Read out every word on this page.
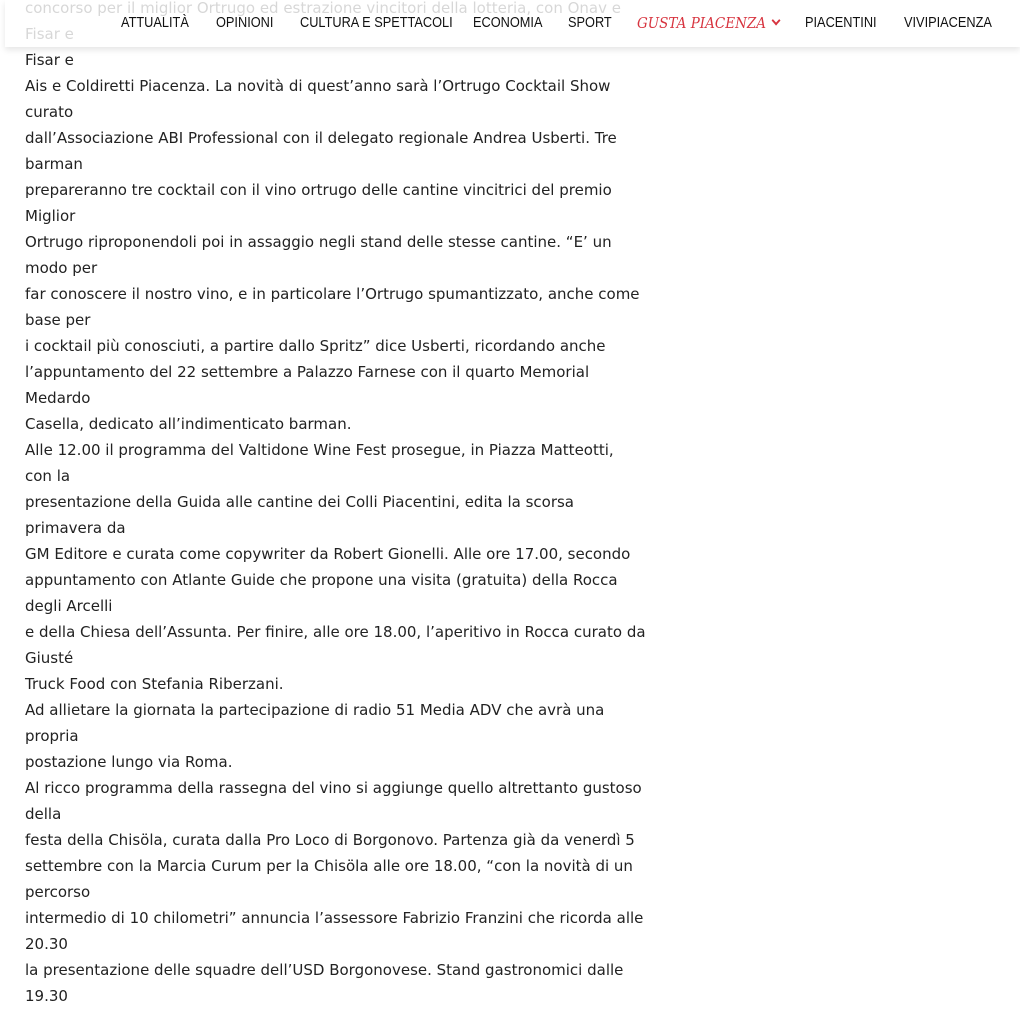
Fisar e

Ais e Coldiretti Piacenza. La novità di quest’anno sarà l’Ortrugo Cocktail Show

curato

dall’Associazione ABI Professional con il delegato regionale Andrea Usberti. Tre

barman

prepareranno tre cocktail con il vino ortrugo delle cantine vincitrici del premio

Miglior

Ortrugo riproponendoli poi in assaggio negli stand delle stesse cantine. “E’ un

modo per

far conoscere il nostro vino, e in particolare l’Ortrugo spumantizzato, anche come

base per

i cocktail più conosciuti, a partire dallo Spritz” dice Usberti, ricordando anche

l’appuntamento del 22 settembre a Palazzo Farnese con il quarto Memorial

Medardo

Casella, dedicato all’indimenticato barman.

Alle 12.00 il programma del Valtidone Wine Fest prosegue, in Piazza Matteotti,

con la

presentazione della Guida alle cantine dei Colli Piacentini, edita la scorsa

primavera da

GM Editore e curata come copywriter da Robert Gionelli. Alle ore 17.00, secondo

appuntamento con Atlante Guide che propone una visita (gratuita) della Rocca

degli Arcelli

e della Chiesa dell’Assunta. Per finire, alle ore 18.00, l’aperitivo in Rocca curato da

Giusté

Truck Food con Stefania Riberzani.

Ad allietare la giornata la partecipazione di radio 51 Media ADV che avrà una

propria

postazione lungo via Roma.

Al ricco programma della rassegna del vino si aggiunge quello altrettanto gustoso

della

festa della Chisöla, curata dalla Pro Loco di Borgonovo. Partenza già da venerdì 5

settembre con la Marcia Curum per la Chisöla alle ore 18.00, “con la novità di un

percorso

intermedio di 10 chilometri” annuncia l’assessore Fabrizio Franzini che ricorda alle

20.30

la presentazione delle squadre dell’USD Borgonovese. Stand gastronomici dalle

19.30

ATTUALITÀ OPINIONI CULTURA E SPETTACOLI ECONOMIA SPORT GUSTA PIACENZA	PIACENTINI VIVIPIACENZA
